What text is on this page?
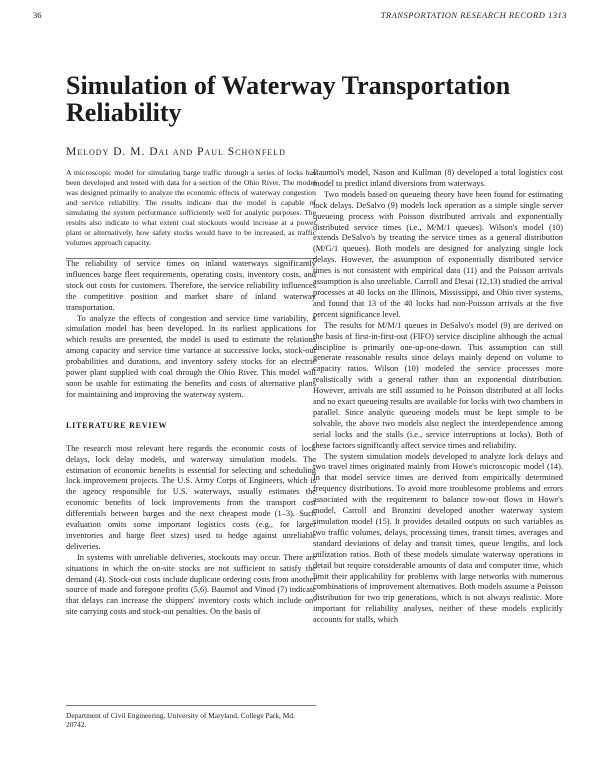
36	TRANSPORTATION RESEARCH RECORD 1313
Simulation of Waterway Transportation Reliability
Melody D. M. Dai and Paul Schonfeld

A microscopic model for simulating barge traffic through a series of locks has been developed and tested with data for a section of the Ohio River. The model was designed primarily to analyze the economic effects of waterway congestion and service reliability. The results indicate that the model is capable of simulating the system performance sufficiently well for analytic purposes. The results also indicate to what extent coal stockouts would increase at a power plant or alternatively, how safety stocks would have to be increased, as traffic volumes approach capacity.

The reliability of service times on inland waterways significantly influences barge fleet requirements, operating costs, inventory costs, and stock out costs for customers. Therefore, the service reliability influences the competitive position and market share of inland waterway transportation.

To analyze the effects of congestion and service time variability, a simulation model has been developed. In its earliest applications for which results are presented, the model is used to estimate the relations among capacity and service time variance at successive locks, stock-out probabilities and durations, and inventory safety stocks for an electric power plant supplied with coal through the Ohio River. This model will soon be usable for estimating the benefits and costs of alternative plans for maintaining and improving the waterway system.

LITERATURE REVIEW

The research most relevant here regards the economic costs of lock delays, lock delay models, and waterway simulation models. The estimation of economic benefits is essential for selecting and scheduling lock improvement projects. The U.S. Army Corps of Engineers, which is the agency responsible for U.S. waterways, usually estimates the economic benefits of lock improvements from the transport cost differentials between barges and the next cheapest mode (1–3). Such evaluation omits some important logistics costs (e.g., for larger inventories and barge fleet sizes) used to hedge against unreliable deliveries.

In systems with unreliable deliveries, stockouts may occur. There are situations in which the on-site stocks are not sufficient to satisfy the demand (4). Stock-out costs include duplicate ordering costs from another source of made and foregone profits (5,6). Baumol and Vinod (7) indicate that delays can increase the shippers' inventory costs which include on-site carrying costs and stock-out penalties. On the basis of

Baumol's model, Nason and Kullman (8) developed a total logistics cost model to predict inland diversions from waterways.

Two models based on queueing theory have been found for estimating lock delays. DeSalvo (9) models lock operation as a simple single server queueing process with Poisson distributed arrivals and exponentially distributed service times (i.e., M/M/1 queues). Wilson's model (10) extends DeSalvo's by treating the service times as a general distribution (M/G/1 queues). Both models are designed for analyzing single lock delays. However, the assumption of exponentially distributed service times is not consistent with empirical data (11) and the Poisson arrivals assumption is also unreliable. Carroll and Desai (12,13) studied the arrival processes at 40 locks on the Illinois, Mississippi, and Ohio river systems, and found that 13 of the 40 locks had non-Poisson arrivals at the five percent significance level.

The results for M/M/1 queues in DeSalvo's model (9) are derived on the basis of first-in-first-out (FIFO) service discipline although the actual discipline is primarily one-up-one-down. This assumption can still generate reasonable results since delays mainly depend on volume to capacity ratios. Wilson (10) modeled the service processes more realistically with a general rather than an exponential distribution. However, arrivals are still assumed to be Poisson distributed at all locks and no exact queueing results are available for locks with two chambers in parallel. Since analytic queueing models must be kept simple to be solvable, the above two models also neglect the interdependence among serial locks and the stalls (i.e., service interruptions at locks). Both of these factors significantly affect service times and reliability.

The system simulation models developed to analyze lock delays and two travel times originated mainly from Howe's microscopic model (14). In that model service times are derived from empirically determined frequency distributions. To avoid more troublesome problems and errors associated with the requirement to balance tow-out flows in Howe's model, Carroll and Bronzini developed another waterway system simulation model (15). It provides detailed outputs on such variables as two traffic volumes, delays, processing times, transit times, averages and standard deviations of delay and transit times, queue lengths, and lock utilization ratios. Both of these models simulate waterway operations in detail but require considerable amounts of data and computer time, which limit their applicability for problems with large networks with numerous combinations of improvement alternatives. Both models assume a Poisson distribution for two trip generations, which is not always realistic. More important for reliability analyses, neither of these models explicitly accounts for stalls, which

Department of Civil Engineering, University of Maryland, College Park, Md. 20742.
